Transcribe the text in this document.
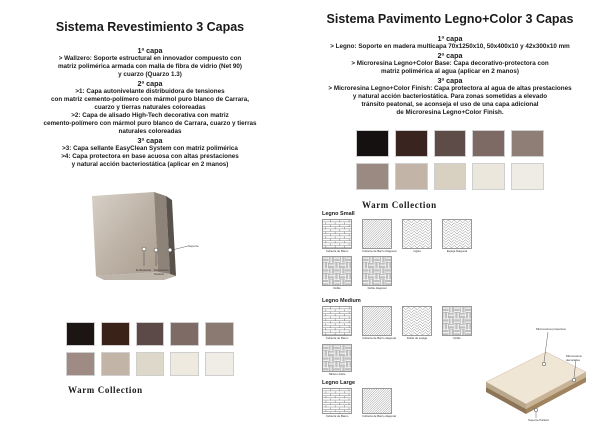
Sistema Revestimiento 3 Capas
1ª capa
> Wallzero: Soporte estructural en innovador compuesto con
matriz polimérica armada con malla de fibra de vidrio (Net 90)
y cuarzo (Quarzo 1.3)
2ª capa
>1: Capa autonivelante distribuidora de tensiones
con matriz cemento-polímero con mármol puro blanco de Carrara,
cuarzo y tierras naturales coloreadas
>2: Capa de alisado High-Tech decorativa con matriz
cemento-polímero con mármol puro blanco de Carrara, cuarzo y tierras
naturales coloreadas
3ª capa
>3: Capa sellante EasyClean System con matriz polimérica
>4: Capa protectora en base acuosa con altas prestaciones
y natural acción bacteriostática (aplicar en 2 manos)
Soporte
Embasante Estructura y Textura
Warm Collection
Sistema Pavimento Legno+Color 3 Capas
1ª capa
> Legno: Soporte en madera multicapa 70x1250x10, 50x400x10 y 42x300x10 mm
2ª capa
> Microresina Legno+Color Base: Capa decorativo-protectora con
matriz polimérica al agua (aplicar en 2 manos)
3ª capa
> Microresina Legno+Color Finish: Capa protectora al agua de altas prestaciones
y natural acción bacteriostática. Para zonas sometidas a elevado
tránsito peatonal, se aconseja el uso de una capa adicional
de Microresina Legno+Color Finish.
Warm Collection
Legno Small
Cubierta de Barco	Cubierta de Barco Diagonal	Inglés	Espiga Diagonal
Doble	Doble diagonal
Legno Medium
Cubierta de Barco	Cubierta de Barco diagonal	Doble de espiga	Doble
Tablero doble
Legno Large
Cubierta de Barco	Cubierta de Barco diagonal
Microresina protectora
Microresina decorativa
Soporte Parkett
